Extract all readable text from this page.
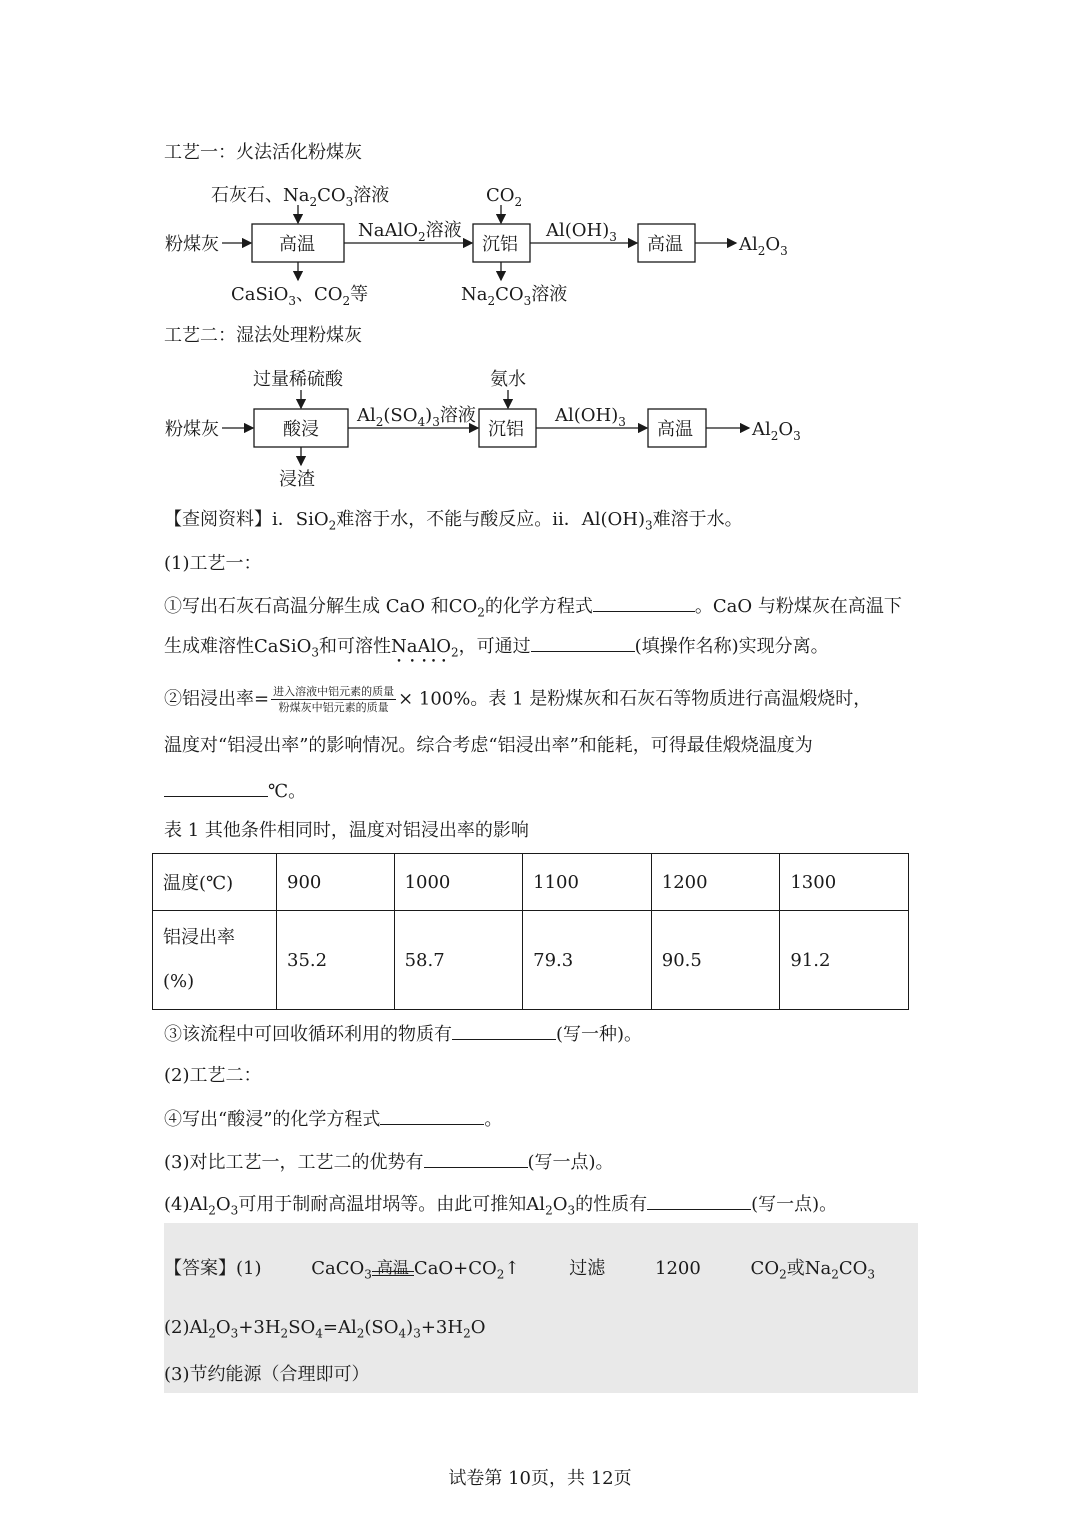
工艺一：火法活化粉煤灰
粉煤灰	高温
石灰石、$Na_2CO_3$溶液
CaSiO$_3$、$CO_2$等
NaAlO$_2$溶液
沉铝
$CO_2$
$Na_2CO_3$溶液
$Al(OH)_3$ 高温	$Al_2O_3$
粉煤灰	酸浸
过量稀硫酸
浸渣
$Al_2(SO_4)_3$溶液
沉铝
氨水
$Al(OH)_3$ 高温	$Al_2O_3$
工艺二：湿法处理粉煤灰
【查阅资料】i．SiO$_2$难溶于水，不能与酸反应。ii．$Al(OH)_3$难溶于水。
(1)工艺一：
①写出石灰石高温分解生成 CaO 和$CO_2$的化学方程式	。CaO 与粉煤灰在高温下
生成难溶性CaSiO$_3$和可溶性NaAlO$_2$，可通过	(填操作名称)实现分离。
②铝浸出率= $\frac{\text{进入溶液中铝元素的质量}}{\text{粉煤灰中铝元素的质量}} \times 100\%$。表 1 是粉煤灰和石灰石等物质进行高温煅烧时，
温度对“铝浸出率”的影响情况。综合考虑“铝浸出率”和能耗，可得最佳煅烧温度为
℃。
表 1 其他条件相同时，温度对铝浸出率的影响
温度(℃)	900	1000	1100	1200	1300

铝浸出率
(%)	35.2	58.7	79.3	90.5	91.2
③该流程中可回收循环利用的物质有	(写一种)。
(2)工艺二：
④写出“酸浸”的化学方程式	。
(3)对比工艺一，工艺二的优势有	(写一点)。
$(4)Al_2O_3$可用于制耐高温坩埚等。由此可推知$Al_2O_3$的性质有	(写一点)。
【答案】(1)	CaCO$_3$ 高温 $CaO+CO_2↑$	过滤	1200	$CO_2$或$Na_2CO_3$
$(2)Al_2O_3+3H_2SO_4=Al_2(SO_4)_3+3H_2O$
(3)节约能源（合理即可）
试卷第 10页，共 12页
